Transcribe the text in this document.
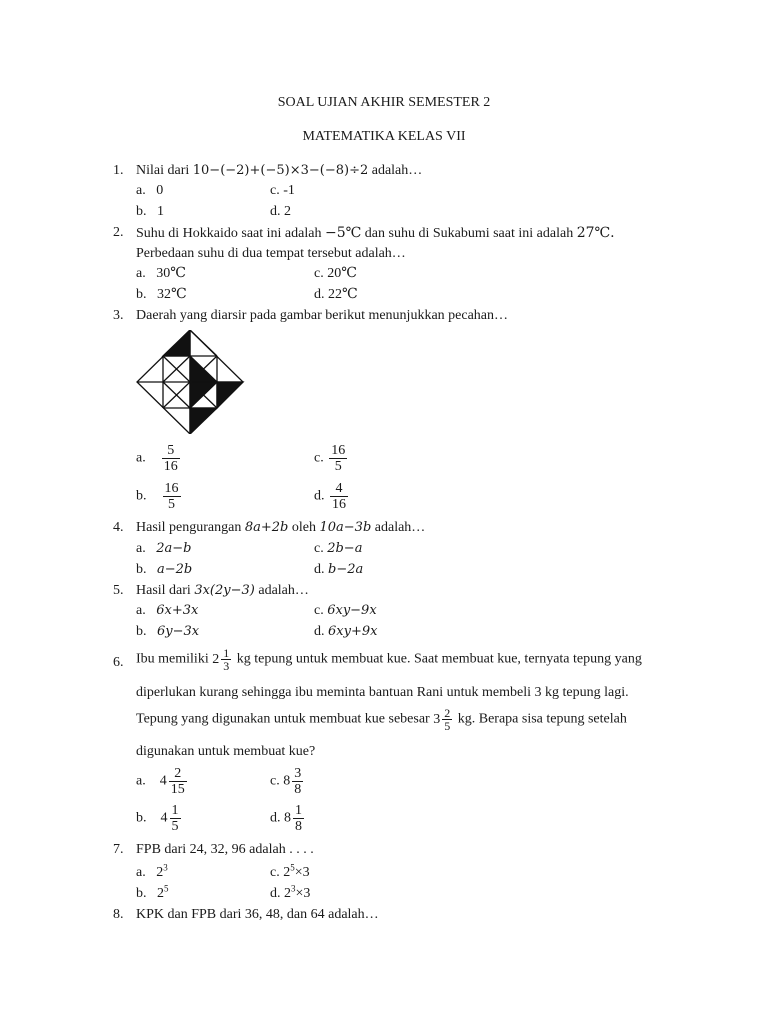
SOAL UJIAN AKHIR SEMESTER 2
MATEMATIKA KELAS VII
1. Nilai dari 10−(−2)+(−5)×3−(−8)÷2 adalah…
a. 0	c. -1
b. 1	d. 2
2. Suhu di Hokkaido saat ini adalah −5℃ dan suhu di Sukabumi saat ini adalah 27℃.
Perbedaan suhu di dua tempat tersebut adalah…
a. 30℃	c. 20℃
b. 32℃	d. 22℃
3. Daerah yang diarsir pada gambar berikut menunjukkan pecahan…
a. $\frac{5}{16}$	c. $\frac{16}{5}$
b. $\frac{16}{5}$	d. $\frac{4}{16}$
4. Hasil pengurangan 8a+2b oleh 10a−3b adalah…
a. 2a−b	c. 2b−a
b. a−2b	d. b−2a
5. Hasil dari 3x(2y−3) adalah…
a. 6x+3x	c. 6xy−9x
b. 6y−3x	d. 6xy+9x
6. Ibu memiliki $2 \frac{1}{3}$ kg tepung untuk membuat kue. Saat membuat kue, ternyata tepung yang
diperlukan kurang sehingga ibu meminta bantuan Rani untuk membeli 3 kg tepung lagi.
Tepung yang digunakan untuk membuat kue sebesar $3 \frac{2}{5}$ kg. Berapa sisa tepung setelah
digunakan untuk membuat kue?
a. $4 \frac{2}{15}$	c. $8 \frac{3}{8}$
b. $4 \frac{1}{5}$	d. $8 \frac{1}{8}$
7. FPB dari 24, 32, 96 adalah . . . .
a. $2^3$	c. $2^5\times 3$
b. $2^5$	d. $2^3\times 3$
8. KPK dan FPB dari 36, 48, dan 64 adalah…
